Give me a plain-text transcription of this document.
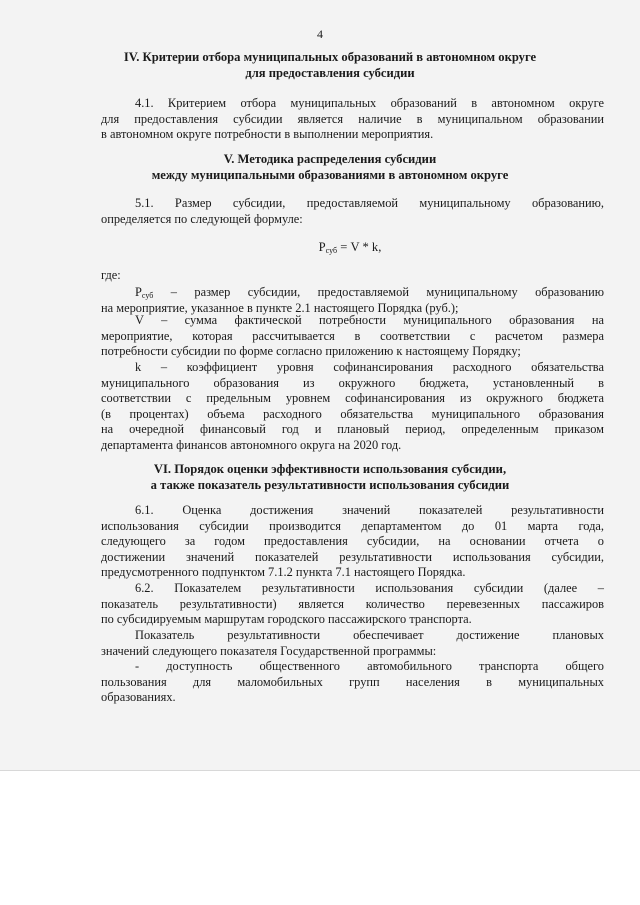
4
IV. Критерии отбора муниципальных образований в автономном округе
для предоставления субсидии
4.1. Критерием отбора муниципальных образований в автономном округе
для предоставления субсидии является наличие в муниципальном образовании
в автономном округе потребности в выполнении мероприятия.
V. Методика распределения субсидии
между муниципальными образованиями в автономном округе
5.1. Размер субсидии, предоставляемой муниципальному образованию,
определяется по следующей формуле:
$P_{суб} = V * k$,
где:
$P_{суб}$ – размер субсидии, предоставляемой муниципальному образованию
на мероприятие, указанное в пункте 2.1 настоящего Порядка (руб.);
V – сумма фактической потребности муниципального образования на
мероприятие, которая рассчитывается в соответствии с расчетом размера
потребности субсидии по форме согласно приложению к настоящему Порядку;
k – коэффициент уровня софинансирования расходного обязательства
муниципального образования из окружного бюджета, установленный в
соответствии с предельным уровнем софинансирования из окружного бюджета
(в процентах) объема расходного обязательства муниципального образования
на очередной финансовый год и плановый период, определенным приказом
департамента финансов автономного округа на 2020 год.
VI. Порядок оценки эффективности использования субсидии,
а также показатель результативности использования субсидии
6.1. Оценка достижения значений показателей результативности
использования субсидии производится департаментом до 01 марта года,
следующего за годом предоставления субсидии, на основании отчета о
достижении значений показателей результативности использования субсидии,
предусмотренного подпунктом 7.1.2 пункта 7.1 настоящего Порядка.
6.2. Показателем результативности использования субсидии (далее –
показатель результативности) является количество перевезенных пассажиров
по субсидируемым маршрутам городского пассажирского транспорта.
Показатель результативности обеспечивает достижение плановых
значений следующего показателя Государственной программы:
- доступность общественного автомобильного транспорта общего
пользования для маломобильных групп населения в муниципальных
образованиях.
